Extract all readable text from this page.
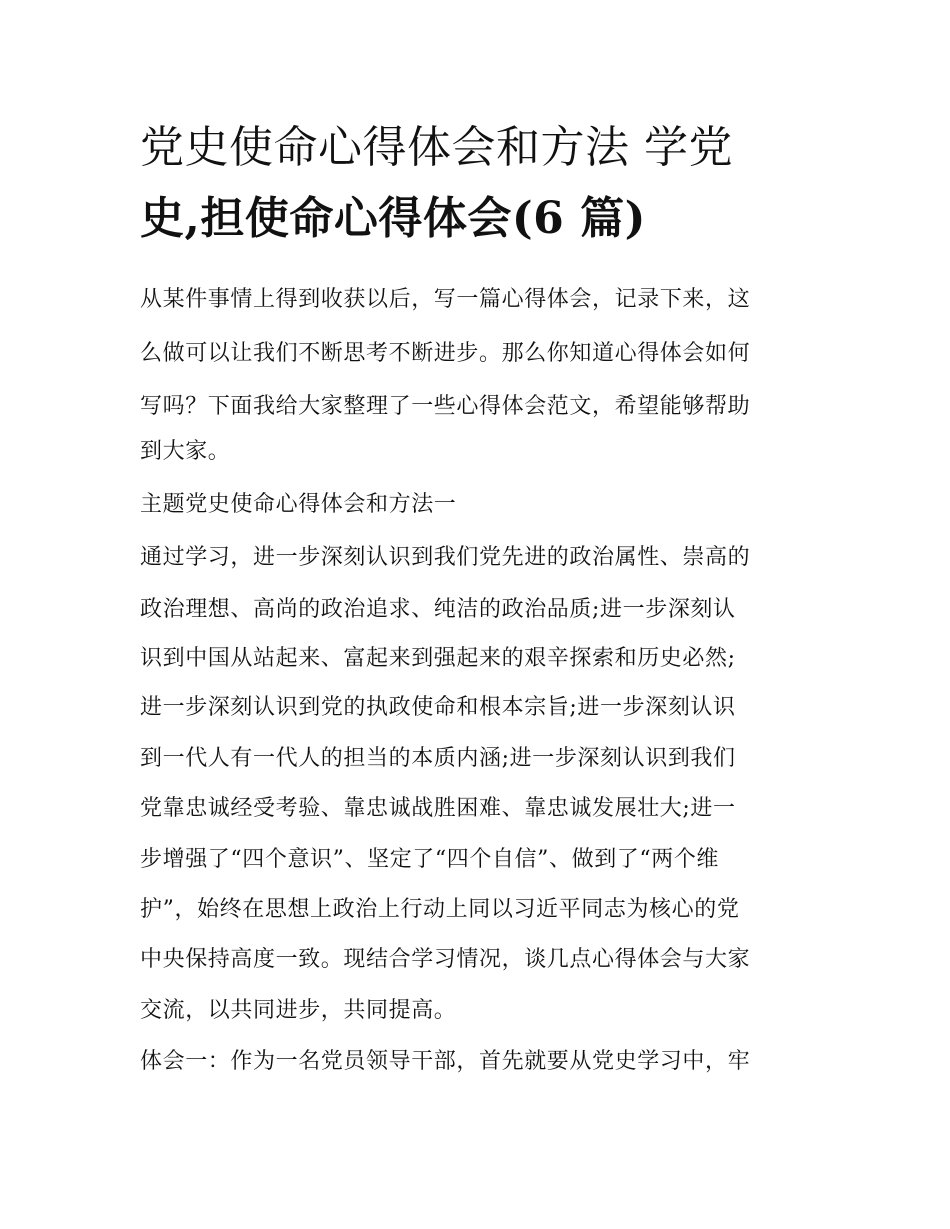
党史使命心得体会和方法 学党
史,担使命心得体会(6 篇)

从某件事情上得到收获以后，写一篇心得体会，记录下来，这

么做可以让我们不断思考不断进步。那么你知道心得体会如何

写吗？下面我给大家整理了一些心得体会范文，希望能够帮助

到大家。

主题党史使命心得体会和方法一

通过学习，进一步深刻认识到我们党先进的政治属性、崇高的

政治理想、高尚的政治追求、纯洁的政治品质;进一步深刻认

识到中国从站起来、富起来到强起来的艰辛探索和历史必然;

进一步深刻认识到党的执政使命和根本宗旨;进一步深刻认识

到一代人有一代人的担当的本质内涵;进一步深刻认识到我们

党靠忠诚经受考验、靠忠诚战胜困难、靠忠诚发展壮大;进一

步增强了“四个意识”、坚定了“四个自信”、做到了“两个维

护”，始终在思想上政治上行动上同以习近平同志为核心的党

中央保持高度一致。现结合学习情况，谈几点心得体会与大家

交流，以共同进步，共同提高。

体会一：作为一名党员领导干部，首先就要从党史学习中，牢
